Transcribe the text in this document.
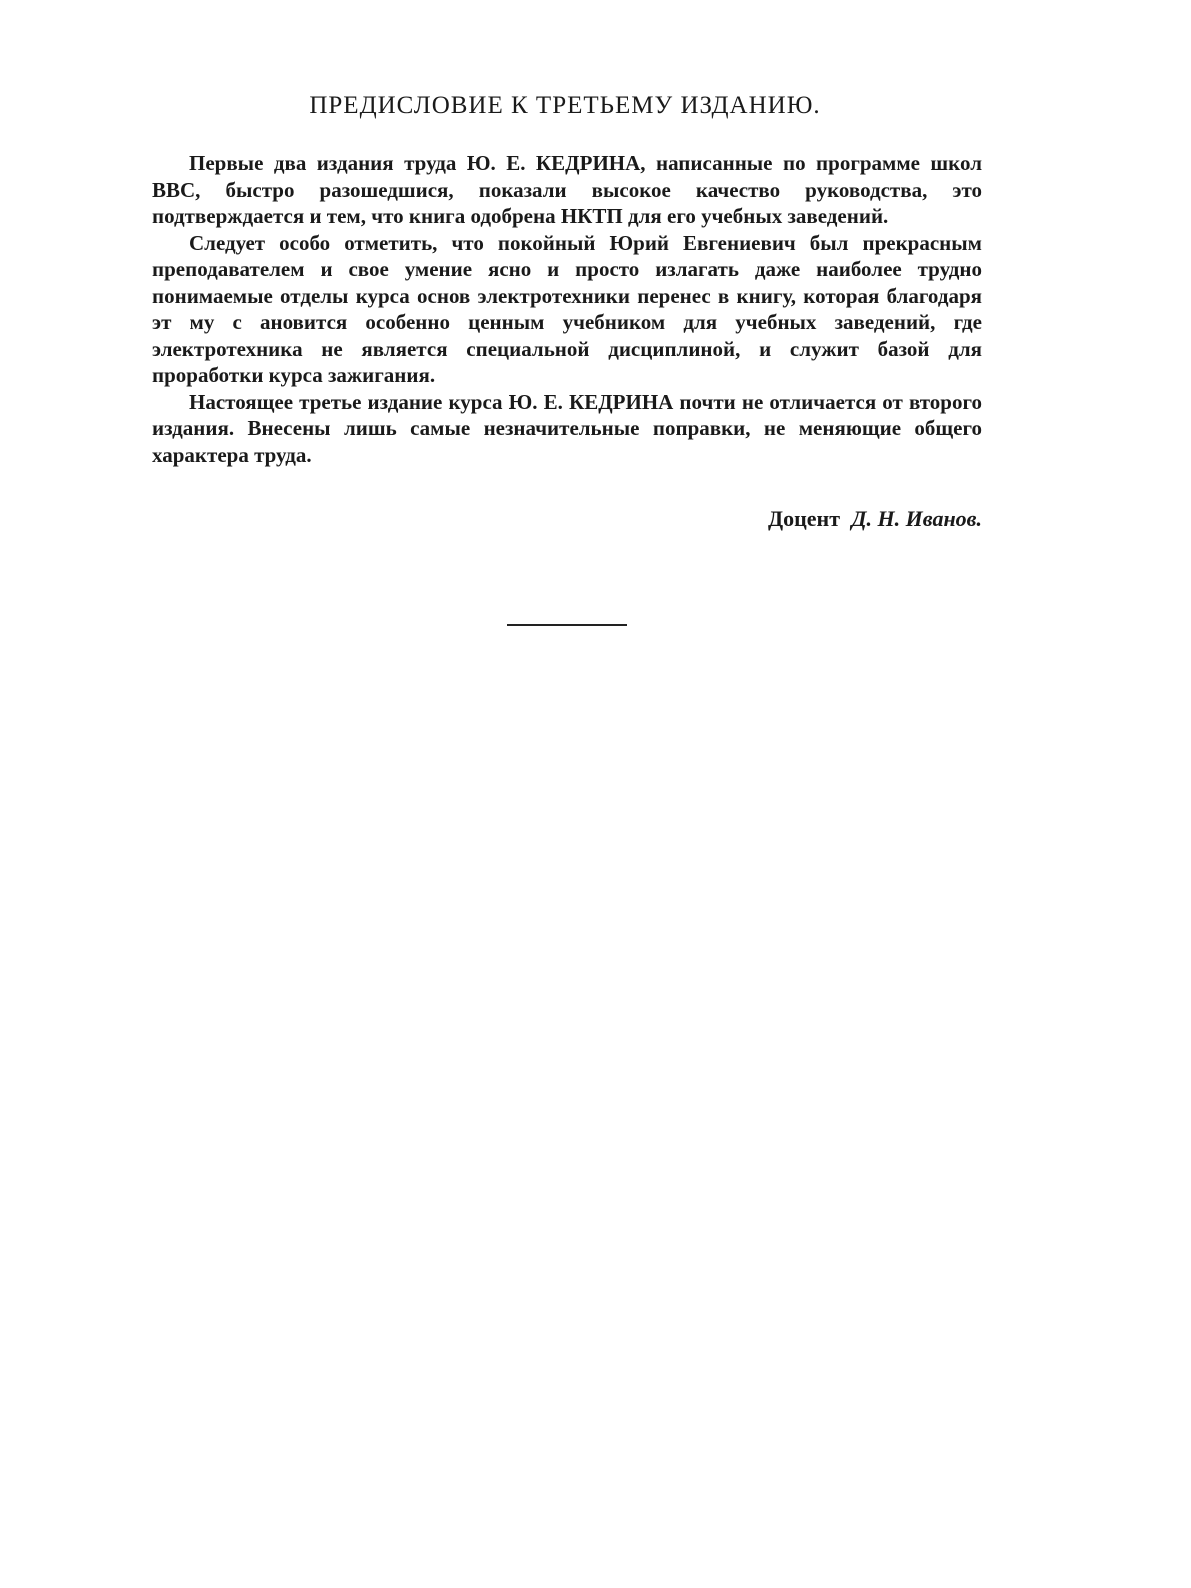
ПРЕДИСЛОВИЕ К ТРЕТЬЕМУ ИЗДАНИЮ.

Первые два издания труда Ю. Е. КЕДРИНА, написанные по программе школ ВВС, быстро разошедшися, показали высокое качество руководства, это подтверждается и тем, что книга одобрена НКТП для его учебных заведений.

Следует особо отметить, что покойный Юрий Евгениевич был прекрасным преподавателем и свое умение ясно и просто излагать даже наиболее трудно понимаемые отделы курса основ электротехники перенес в книгу, которая благодаря эт му с ановится особенно ценным учебником для учебных заведений, где электротехника не является специальной дисциплиной, и служит базой для проработки курса зажигания.

Настоящее третье издание курса Ю. Е. КЕДРИНА почти не отличается от второго издания. Внесены лишь самые незначительные поправки, не меняющие общего характера труда.

Доцент Д. Н. Иванов.
